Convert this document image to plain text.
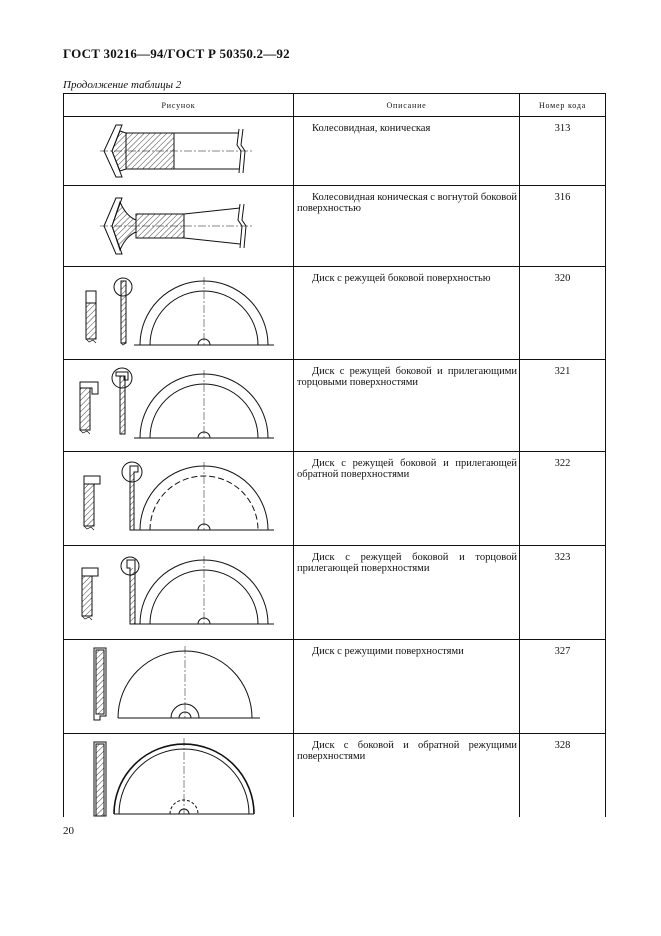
ГОСТ 30216—94/ГОСТ Р 50350.2—92
Продолжение таблицы 2
Рисунок	Описание	Номер кода

Колесовидная, коническая	313

Колесовидная коническая с вогнутой боковой поверхностью	316

Диск с режущей боковой поверхностью	320

Диск с режущей боковой и прилегающими торцовыми поверхностями	321

Диск с режущей боковой и прилегающей обратной поверхностями	322

Диск с режущей боковой и торцовой прилегающей поверхностями	323

Диск с режущими поверхностями	327

Диск с боковой и обратной режущими поверхностями	328
20
